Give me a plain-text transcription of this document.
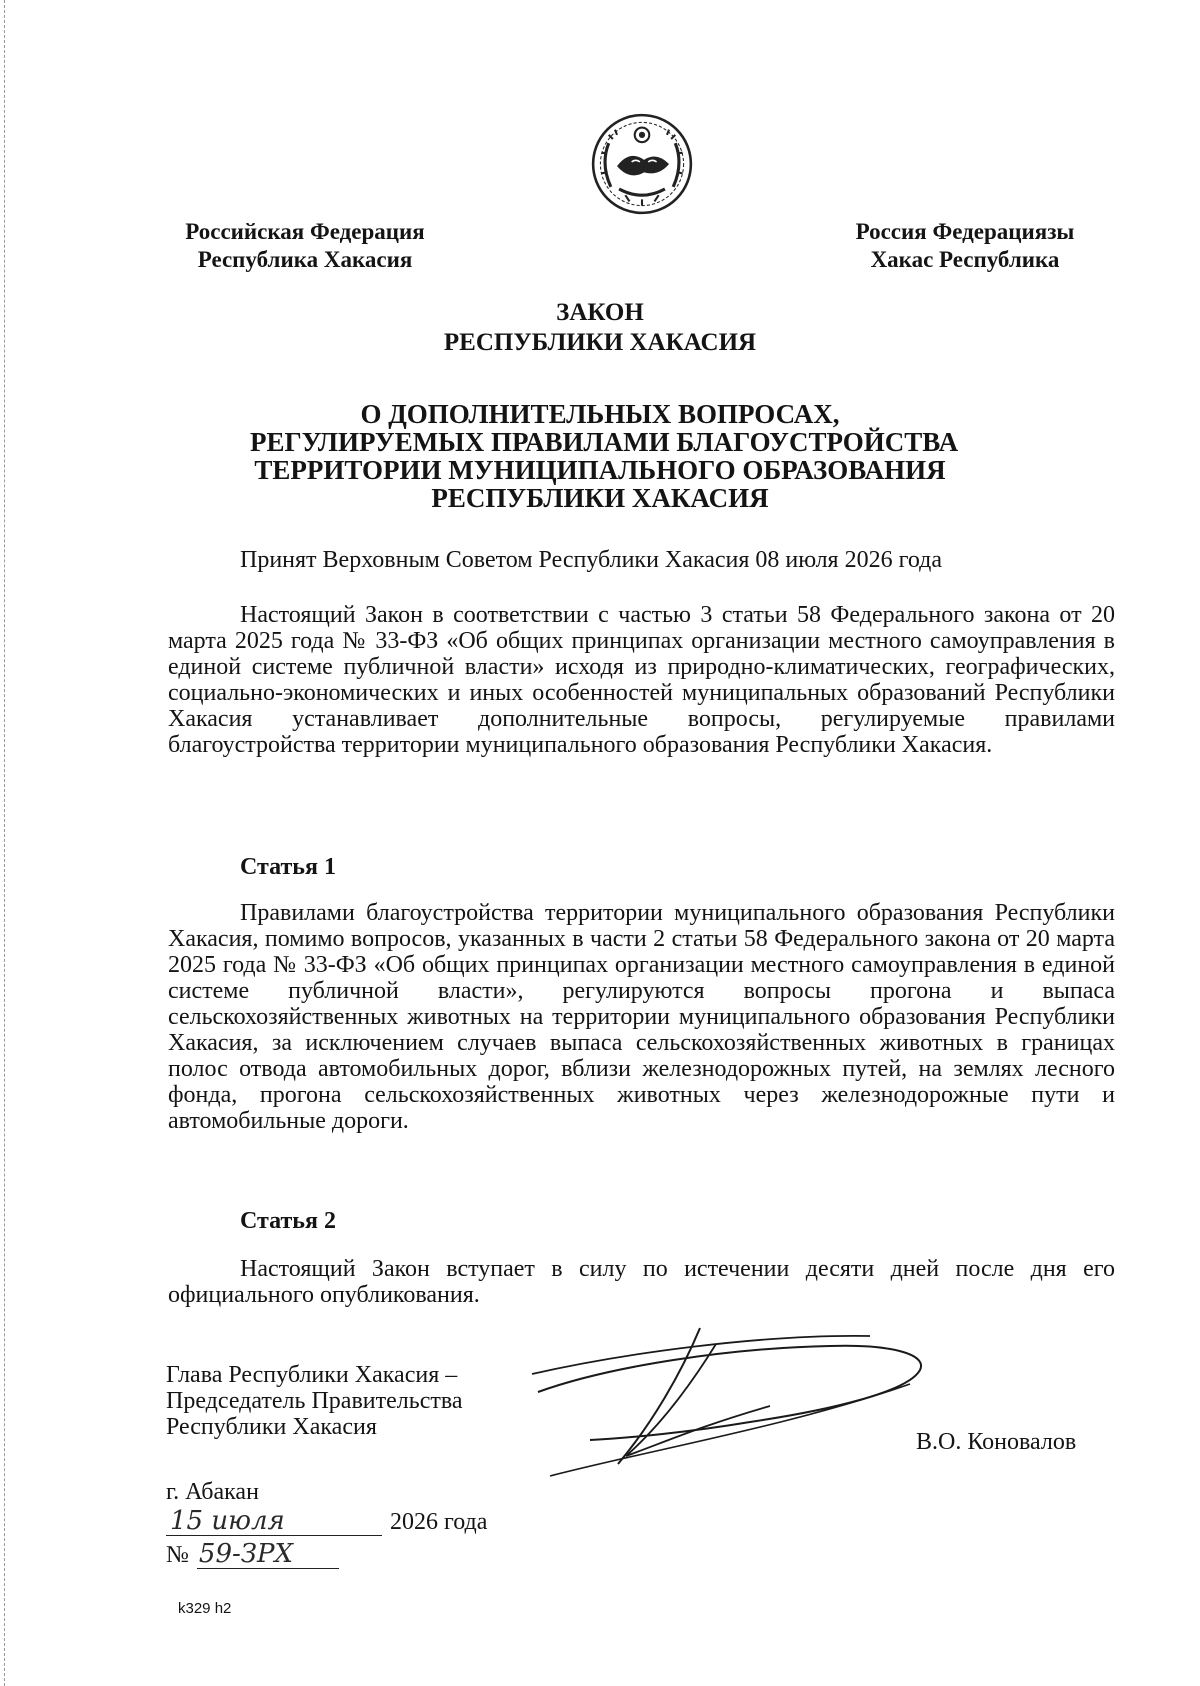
Российская Федерация
Республика Хакасия
Россия Федерациязы
Хакас Республика
ЗАКОН
РЕСПУБЛИКИ ХАКАСИЯ
О ДОПОЛНИТЕЛЬНЫХ ВОПРОСАХ,
РЕГУЛИРУЕМЫХ ПРАВИЛАМИ БЛАГОУСТРОЙСТВА
ТЕРРИТОРИИ МУНИЦИПАЛЬНОГО ОБРАЗОВАНИЯ
РЕСПУБЛИКИ ХАКАСИЯ
Принят Верховным Советом Республики Хакасия 08 июля 2026 года

Настоящий Закон в соответствии с частью 3 статьи 58 Федерального закона от 20 марта 2025 года № 33-ФЗ «Об общих принципах организации местного самоуправления в единой системе публичной власти» исходя из природно-климатических, географических, социально-экономических и иных особенностей муниципальных образований Республики Хакасия устанавливает дополнительные вопросы, регулируемые правилами благоустройства территории муниципального образования Республики Хакасия.

Статья 1

Правилами благоустройства территории муниципального образования Республики Хакасия, помимо вопросов, указанных в части 2 статьи 58 Федерального закона от 20 марта 2025 года № 33-ФЗ «Об общих принципах организации местного самоуправления в единой системе публичной власти», регулируются вопросы прогона и выпаса сельскохозяйственных животных на территории муниципального образования Республики Хакасия, за исключением случаев выпаса сельскохозяйственных животных в границах полос отвода автомобильных дорог, вблизи железнодорожных путей, на землях лесного фонда, прогона сельскохозяйственных животных через железнодорожные пути и автомобильные дороги.

Статья 2

Настоящий Закон вступает в силу по истечении десяти дней после дня его официального опубликования.

Глава Республики Хакасия –
Председатель Правительства
Республики Хакасия
В.О. Коновалов
г. Абакан
15 июля	2026 года
№ 59-ЗРХ
k329 h2
